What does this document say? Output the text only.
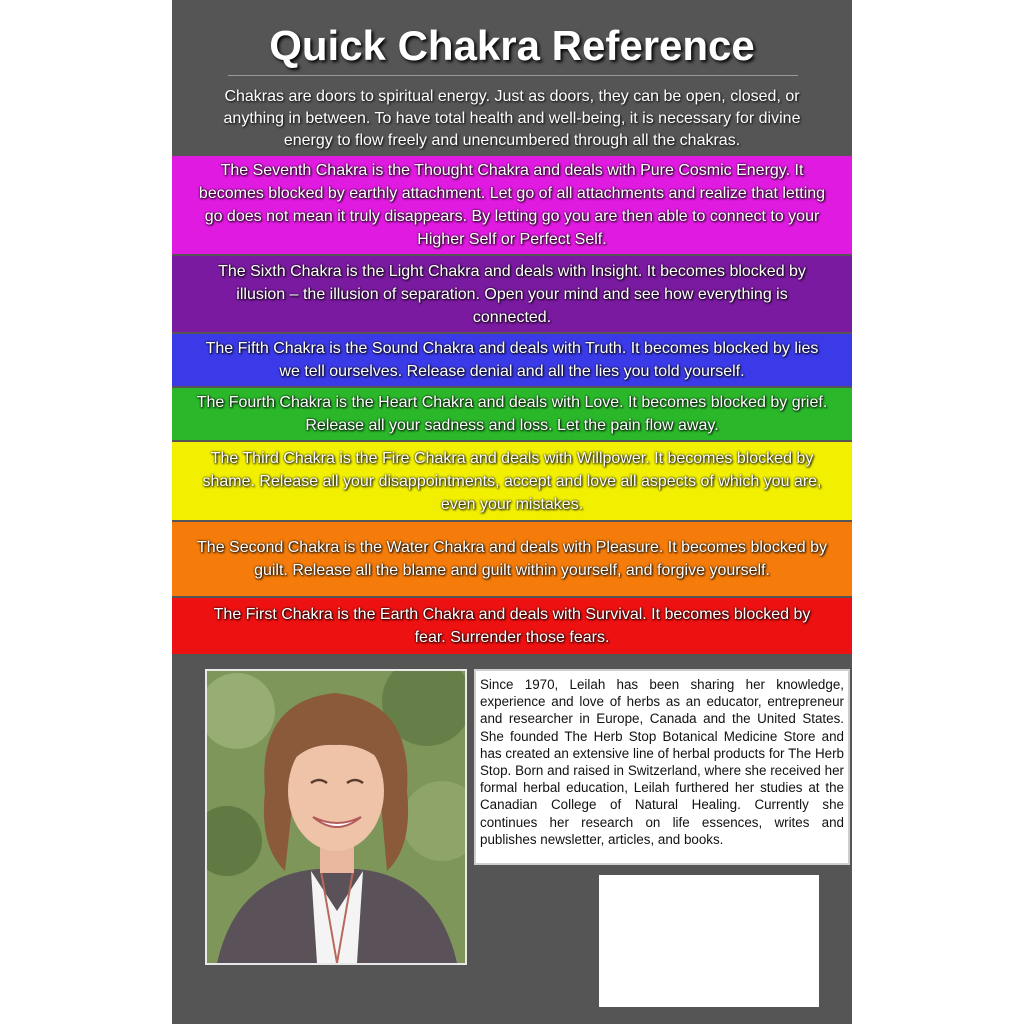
Quick Chakra Reference
Chakras are doors to spiritual energy. Just as doors, they can be open, closed, or anything in between. To have total health and well-being, it is necessary for divine energy to flow freely and unencumbered through all the chakras.
The Seventh Chakra is the Thought Chakra and deals with Pure Cosmic Energy. It becomes blocked by earthly attachment. Let go of all attachments and realize that letting go does not mean it truly disappears. By letting go you are then able to connect to your Higher Self or Perfect Self.
The Sixth Chakra is the Light Chakra and deals with Insight. It becomes blocked by illusion – the illusion of separation. Open your mind and see how everything is connected.
The Fifth Chakra is the Sound Chakra and deals with Truth. It becomes blocked by lies we tell ourselves. Release denial and all the lies you told yourself.
The Fourth Chakra is the Heart Chakra and deals with Love. It becomes blocked by grief. Release all your sadness and loss. Let the pain flow away.
The Third Chakra is the Fire Chakra and deals with Willpower. It becomes blocked by shame. Release all your disappointments, accept and love all aspects of which you are, even your mistakes.
The Second Chakra is the Water Chakra and deals with Pleasure. It becomes blocked by guilt. Release all the blame and guilt within yourself, and forgive yourself.
The First Chakra is the Earth Chakra and deals with Survival. It becomes blocked by fear. Surrender those fears.

Since 1970, Leilah has been sharing her knowledge, experience and love of herbs as an educator, entrepreneur and researcher in Europe, Canada and the United States. She founded The Herb Stop Botanical Medicine Store and has created an extensive line of herbal products for The Herb Stop. Born and raised in Switzerland, where she received her formal herbal education, Leilah furthered her studies at the Canadian College of Natural Healing. Currently she continues her research on life essences, writes and publishes newsletter, articles, and books.
